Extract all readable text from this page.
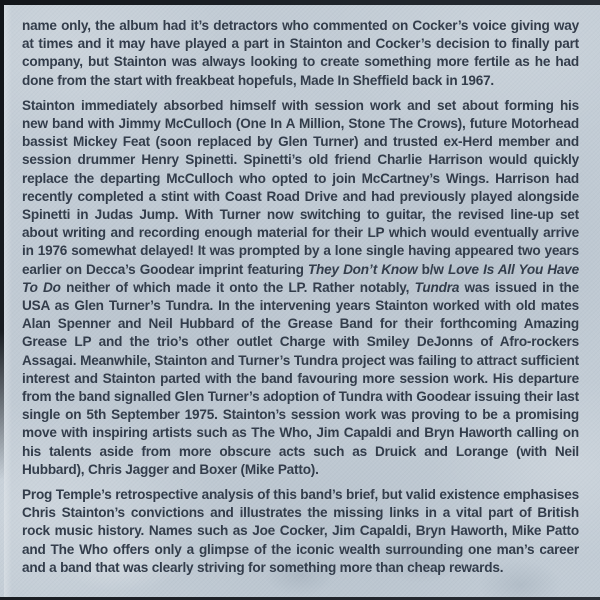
name only, the album had it’s detractors who commented on Cocker’s voice giving way at times and it may have played a part in Stainton and Cocker’s decision to finally part company, but Stainton was always looking to create something more fertile as he had done from the start with freakbeat hopefuls, Made In Sheffield back in 1967.

Stainton immediately absorbed himself with session work and set about forming his new band with Jimmy McCulloch (One In A Million, Stone The Crows), future Motorhead bassist Mickey Feat (soon replaced by Glen Turner) and trusted ex-Herd member and session drummer Henry Spinetti. Spinetti’s old friend Charlie Harrison would quickly replace the departing McCulloch who opted to join McCartney’s Wings. Harrison had recently completed a stint with Coast Road Drive and had previously played alongside Spinetti in Judas Jump. With Turner now switching to guitar, the revised line-up set about writing and recording enough material for their LP which would eventually arrive in 1976 somewhat delayed! It was prompted by a lone single having appeared two years earlier on Decca’s Goodear imprint featuring They Don’t Know b/w Love Is All You Have To Do neither of which made it onto the LP. Rather notably, Tundra was issued in the USA as Glen Turner’s Tundra. In the intervening years Stainton worked with old mates Alan Spenner and Neil Hubbard of the Grease Band for their forthcoming Amazing Grease LP and the trio’s other outlet Charge with Smiley DeJonns of Afro-rockers Assagai. Meanwhile, Stainton and Turner’s Tundra project was failing to attract sufficient interest and Stainton parted with the band favouring more session work. His departure from the band signalled Glen Turner’s adoption of Tundra with Goodear issuing their last single on 5th September 1975. Stainton’s session work was proving to be a promising move with inspiring artists such as The Who, Jim Capaldi and Bryn Haworth calling on his talents aside from more obscure acts such as Druick and Lorange (with Neil Hubbard), Chris Jagger and Boxer (Mike Patto).

Prog Temple’s retrospective analysis of this band’s brief, but valid existence emphasises Chris Stainton’s convictions and illustrates the missing links in a vital part of British rock music history. Names such as Joe Cocker, Jim Capaldi, Bryn Haworth, Mike Patto and The Who offers only a glimpse of the iconic wealth surrounding one man’s career and a band that was clearly striving for something more than cheap rewards.
